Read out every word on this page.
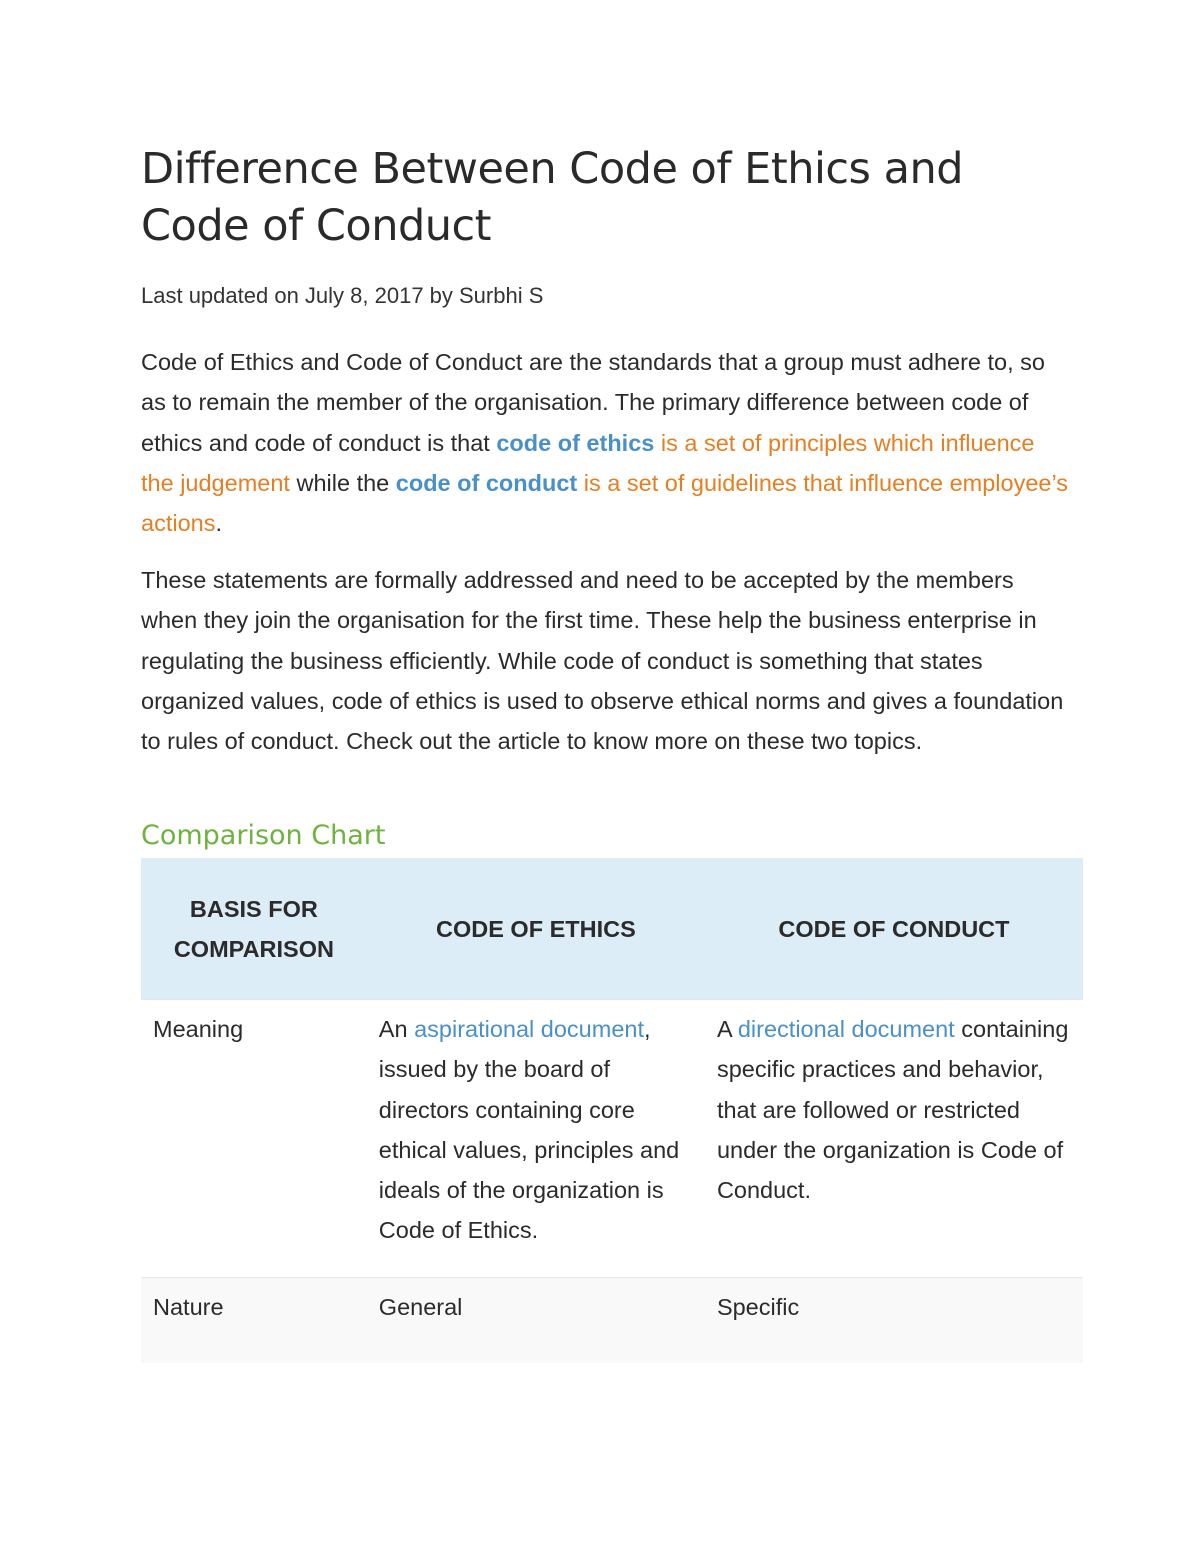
Difference Between Code of Ethics and Code of Conduct
Last updated on July 8, 2017 by Surbhi S

Code of Ethics and Code of Conduct are the standards that a group must adhere to, so as to remain the member of the organisation. The primary difference between code of ethics and code of conduct is that code of ethics is a set of principles which influence the judgement while the code of conduct is a set of guidelines that influence employee’s actions.

These statements are formally addressed and need to be accepted by the members when they join the organisation for the first time. These help the business enterprise in regulating the business efficiently. While code of conduct is something that states organized values, code of ethics is used to observe ethical norms and gives a foundation to rules of conduct. Check out the article to know more on these two topics.

Comparison Chart
BASIS FOR COMPARISON	CODE OF ETHICS	CODE OF CONDUCT
Meaning	An aspirational document, issued by the board of directors containing core ethical values, principles and ideals of the organization is Code of Ethics.	A directional document containing specific practices and behavior, that are followed or restricted under the organization is Code of Conduct.
Nature	General	Specific
